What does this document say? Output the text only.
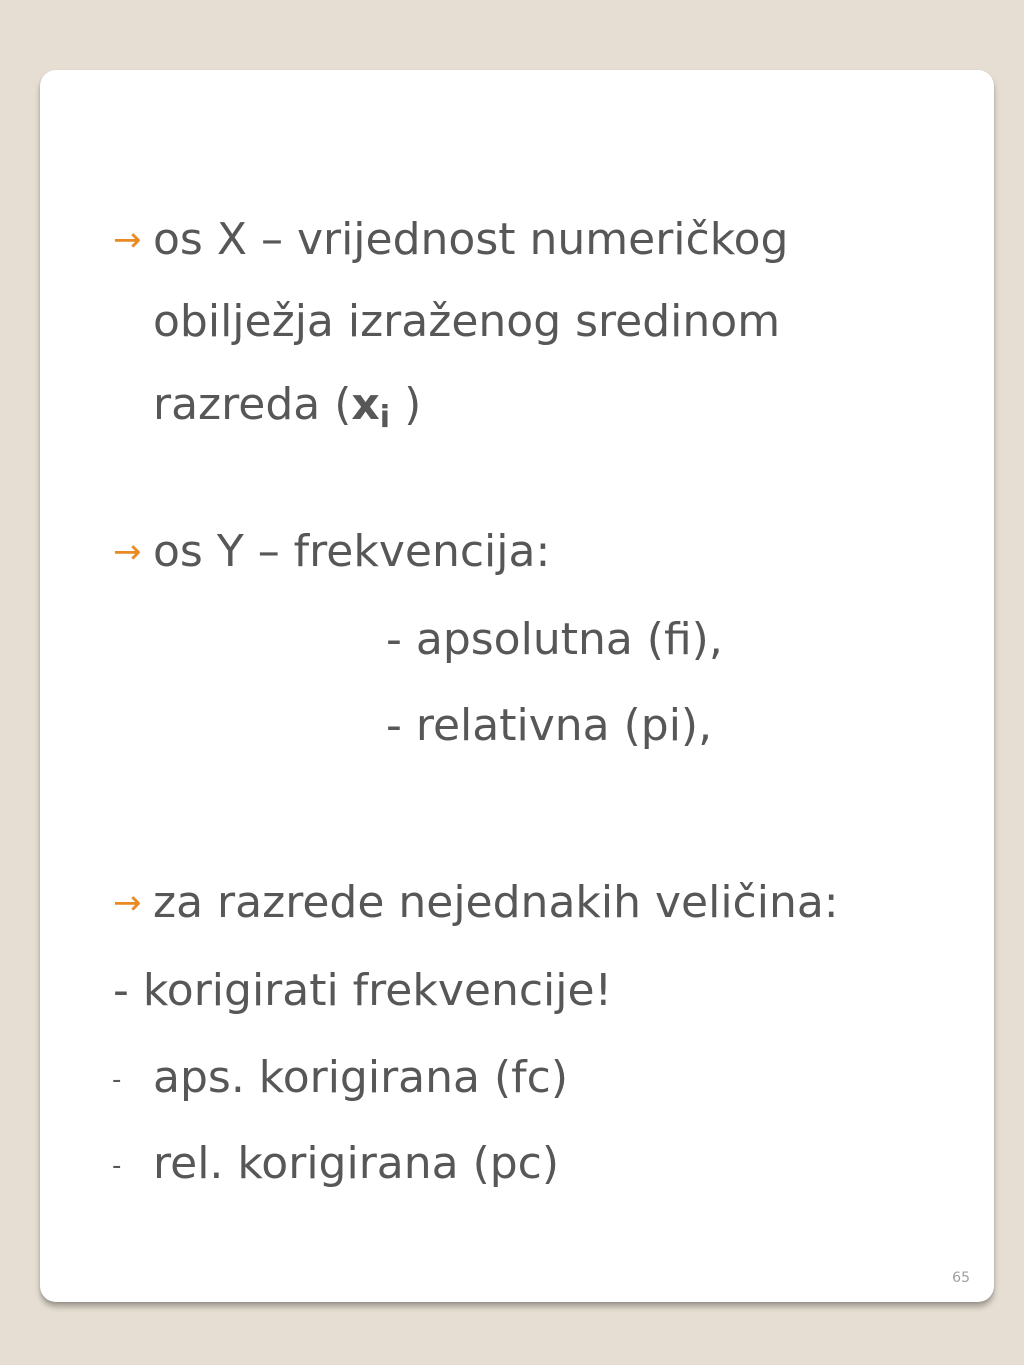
→ os X – vrijednost numeričkog
obilježja izraženog sredinom
razreda ($x_i$ )
→ os Y – frekvencija:
- apsolutna (fi),
- relativna (pi),
→ za razrede nejednakih veličina:
- korigirati frekvencije!
- aps. korigirana (fc)
- rel. korigirana (pc)
65
